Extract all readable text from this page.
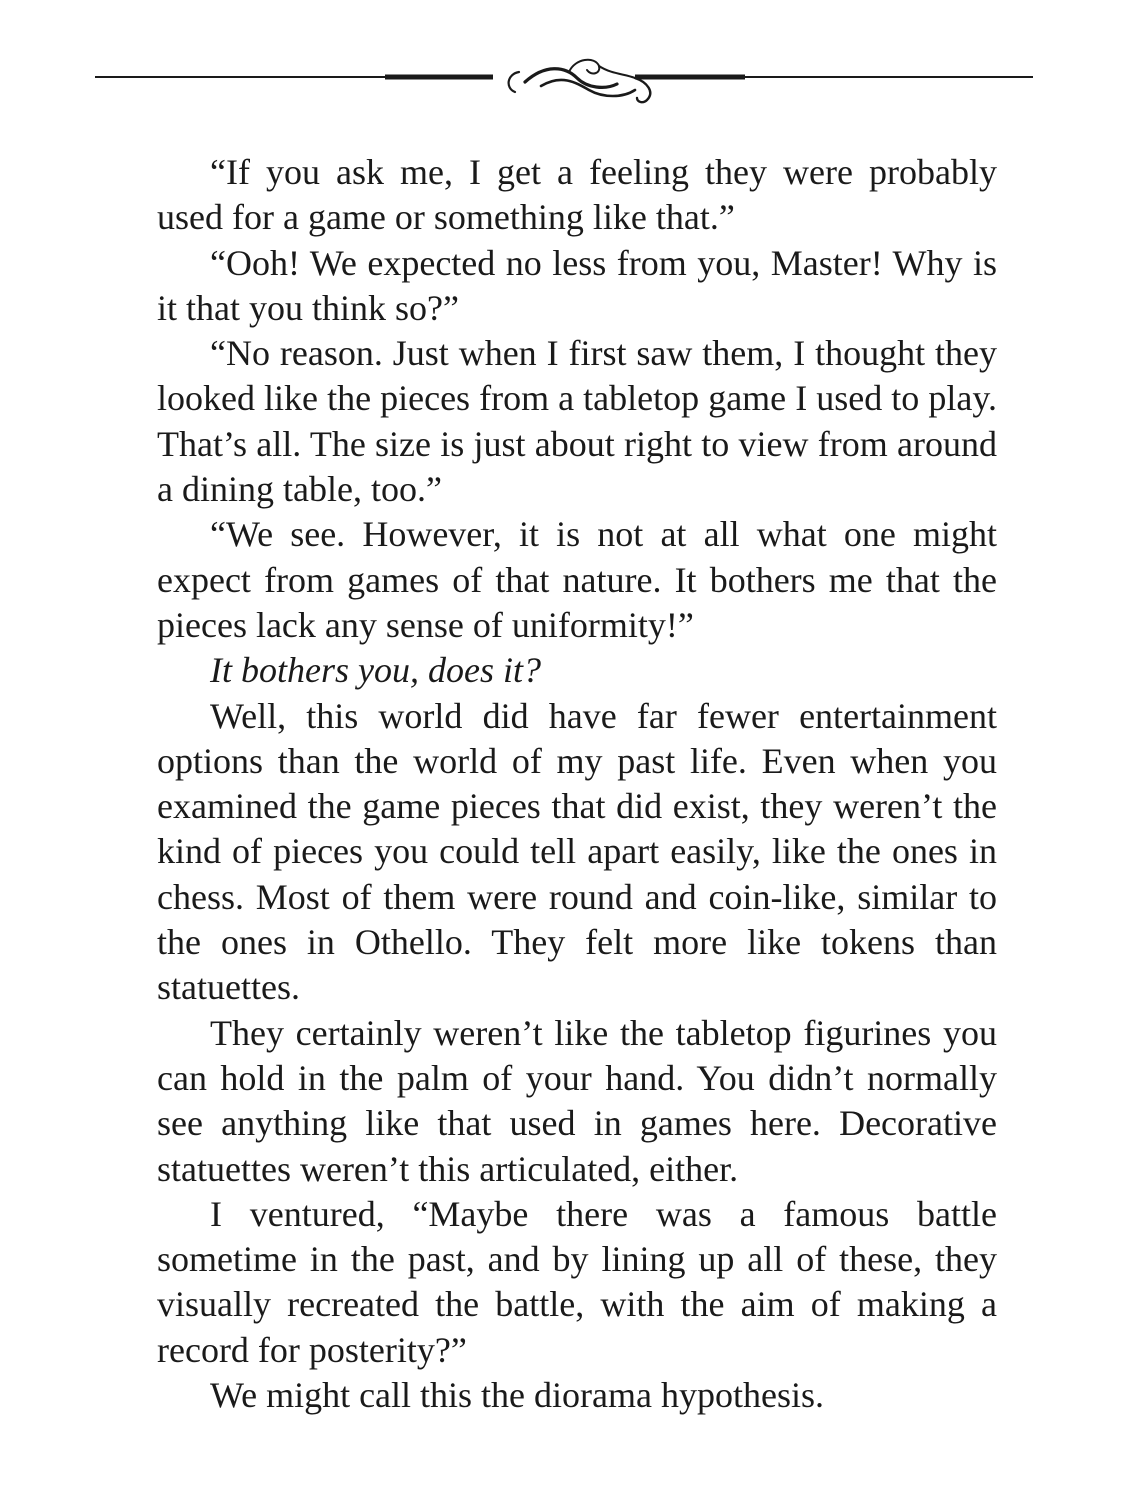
“If you ask me, I get a feeling they were probably used for a game or something like that.”

“Ooh! We expected no less from you, Master! Why is it that you think so?”

“No reason. Just when I first saw them, I thought they looked like the pieces from a tabletop game I used to play. That’s all. The size is just about right to view from around a dining table, too.”

“We see. However, it is not at all what one might expect from games of that nature. It bothers me that the pieces lack any sense of uniformity!”

It bothers you, does it?

Well, this world did have far fewer entertainment options than the world of my past life. Even when you examined the game pieces that did exist, they weren’t the kind of pieces you could tell apart easily, like the ones in chess. Most of them were round and coin-like, similar to the ones in Othello. They felt more like tokens than statuettes.

They certainly weren’t like the tabletop figurines you can hold in the palm of your hand. You didn’t normally see anything like that used in games here. Decorative statuettes weren’t this articulated, either.

I ventured, “Maybe there was a famous battle sometime in the past, and by lining up all of these, they visually recreated the battle, with the aim of making a record for posterity?”

We might call this the diorama hypothesis.
